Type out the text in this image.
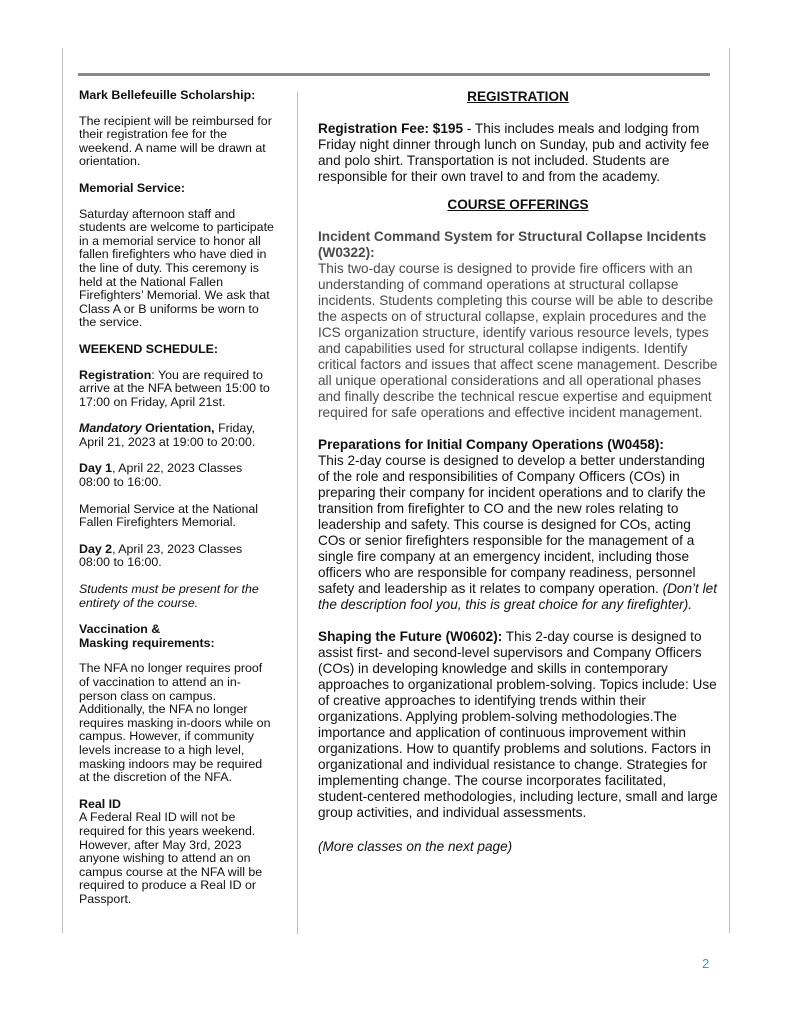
Mark Bellefeuille Scholarship:

The recipient will be reimbursed for their registration fee for the weekend. A name will be drawn at orientation.

Memorial Service:

Saturday afternoon staff and students are welcome to participate in a memorial service to honor all fallen firefighters who have died in the line of duty. This ceremony is held at the National Fallen Firefighters’ Memorial. We ask that Class A or B uniforms be worn to the service.

WEEKEND SCHEDULE:

Registration: You are required to arrive at the NFA between 15:00 to 17:00 on Friday, April 21st.

Mandatory Orientation, Friday, April 21, 2023 at 19:00 to 20:00.

Day 1, April 22, 2023 Classes 08:00 to 16:00.

Memorial Service at the National Fallen Firefighters Memorial.

Day 2, April 23, 2023 Classes 08:00 to 16:00.

Students must be present for the entirety of the course.

Vaccination &
Masking requirements:

The NFA no longer requires proof of vaccination to attend an in-person class on campus. Additionally, the NFA no longer requires masking in-doors while on campus. However, if community levels increase to a high level, masking indoors may be required at the discretion of the NFA.

Real ID

A Federal Real ID will not be required for this years weekend. However, after May 3rd, 2023 anyone wishing to attend an on campus course at the NFA will be required to produce a Real ID or Passport.

REGISTRATION

Registration Fee: $195 - This includes meals and lodging from Friday night dinner through lunch on Sunday, pub and activity fee and polo shirt. Transportation is not included. Students are responsible for their own travel to and from the academy.

COURSE OFFERINGS

Incident Command System for Structural Collapse Incidents (W0322):
This two-day course is designed to provide fire officers with an understanding of command operations at structural collapse incidents. Students completing this course will be able to describe the aspects on of structural collapse, explain procedures and the ICS organization structure, identify various resource levels, types and capabilities used for structural collapse indigents. Identify critical factors and issues that affect scene management. Describe all unique operational considerations and all operational phases and finally describe the technical rescue expertise and equipment required for safe operations and effective incident management.

Preparations for Initial Company Operations (W0458):
This 2-day course is designed to develop a better understanding of the role and responsibilities of Company Officers (COs) in preparing their company for incident operations and to clarify the transition from firefighter to CO and the new roles relating to leadership and safety. This course is designed for COs, acting COs or senior firefighters responsible for the management of a single fire company at an emergency incident, including those officers who are responsible for company readiness, personnel safety and leadership as it relates to company operation. (Don’t let the description fool you, this is great choice for any firefighter).

Shaping the Future (W0602): This 2-day course is designed to assist first- and second-level supervisors and Company Officers (COs) in developing knowledge and skills in contemporary approaches to organizational problem-solving. Topics include: Use of creative approaches to identifying trends within their organizations. Applying problem-solving methodologies.The importance and application of continuous improvement within organizations. How to quantify problems and solutions. Factors in organizational and individual resistance to change. Strategies for implementing change. The course incorporates facilitated, student-centered methodologies, including lecture, small and large group activities, and individual assessments.

(More classes on the next page)

2
